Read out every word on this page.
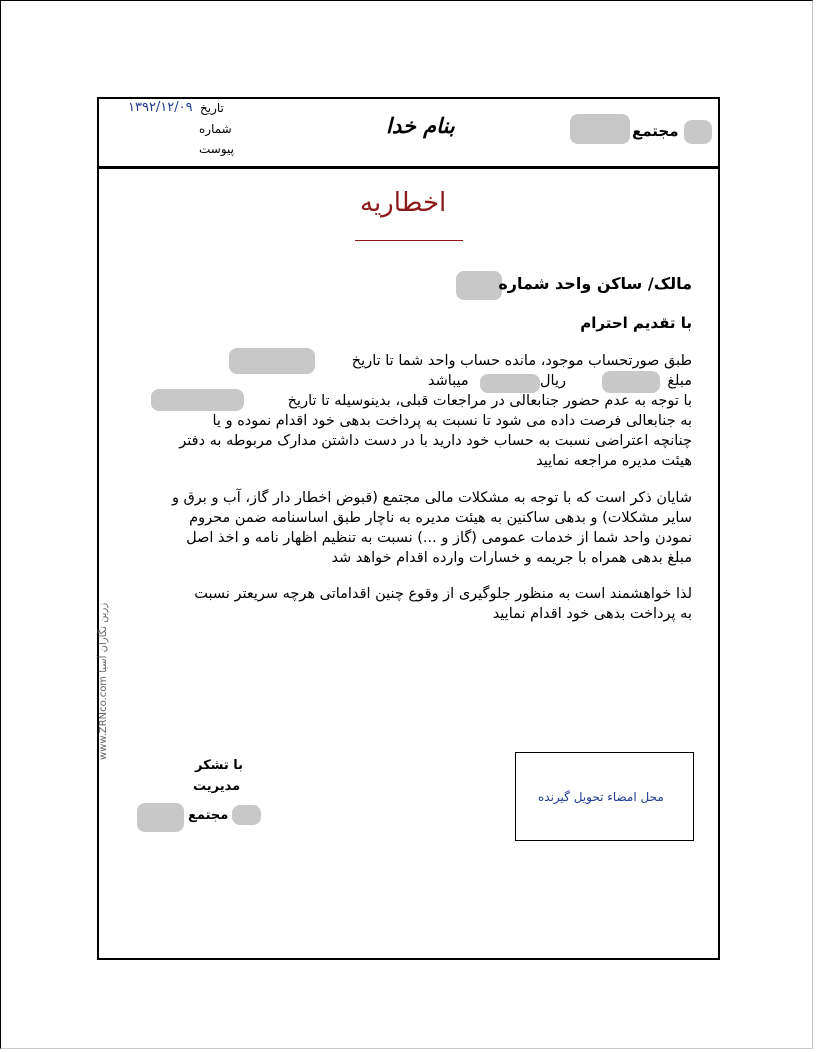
تاریخ
۱۳۹۲/۱۲/۰۹
شماره
پیوست
بنام خدا	مجتمع
اخطاریه
مالک/ ساکن واحد شماره
با تقدیم احترام
طبق صورتحساب موجود، مانده حساب واحد شما تا تاریخ
مبلغ
ریال
میباشد
با توجه به عدم حضور جنابعالی در مراجعات قبلی، بدینوسیله تا تاریخ
به جنابعالی فرصت داده می شود تا نسبت به پرداخت بدهی خود اقدام نموده و یا
چنانچه اعتراضی نسبت به حساب خود دارید با در دست داشتن مدارک مربوطه به دفتر
هیئت مدیره مراجعه نمایید
شایان ذکر است که با توجه به مشکلات مالی مجتمع (قبوض اخطار دار گاز، آب و برق و
سایر مشکلات) و بدهی ساکنین به هیئت مدیره به ناچار طبق اساسنامه ضمن محروم
نمودن واحد شما از خدمات عمومی (گاز و ...) نسبت به تنظیم اظهار نامه و اخذ اصل
مبلغ بدهی همراه با جریمه و خسارات وارده اقدام خواهد شد
لذا خواهشمند است به منظور جلوگیری از وقوع چنین اقداماتی هرچه سریعتر نسبت
به پرداخت بدهی خود اقدام نمایید
www.ZRNco.com زرین نگاران آسیا
محل امضاء تحویل گیرنده
با تشکر
مدیریت
مجتمع
